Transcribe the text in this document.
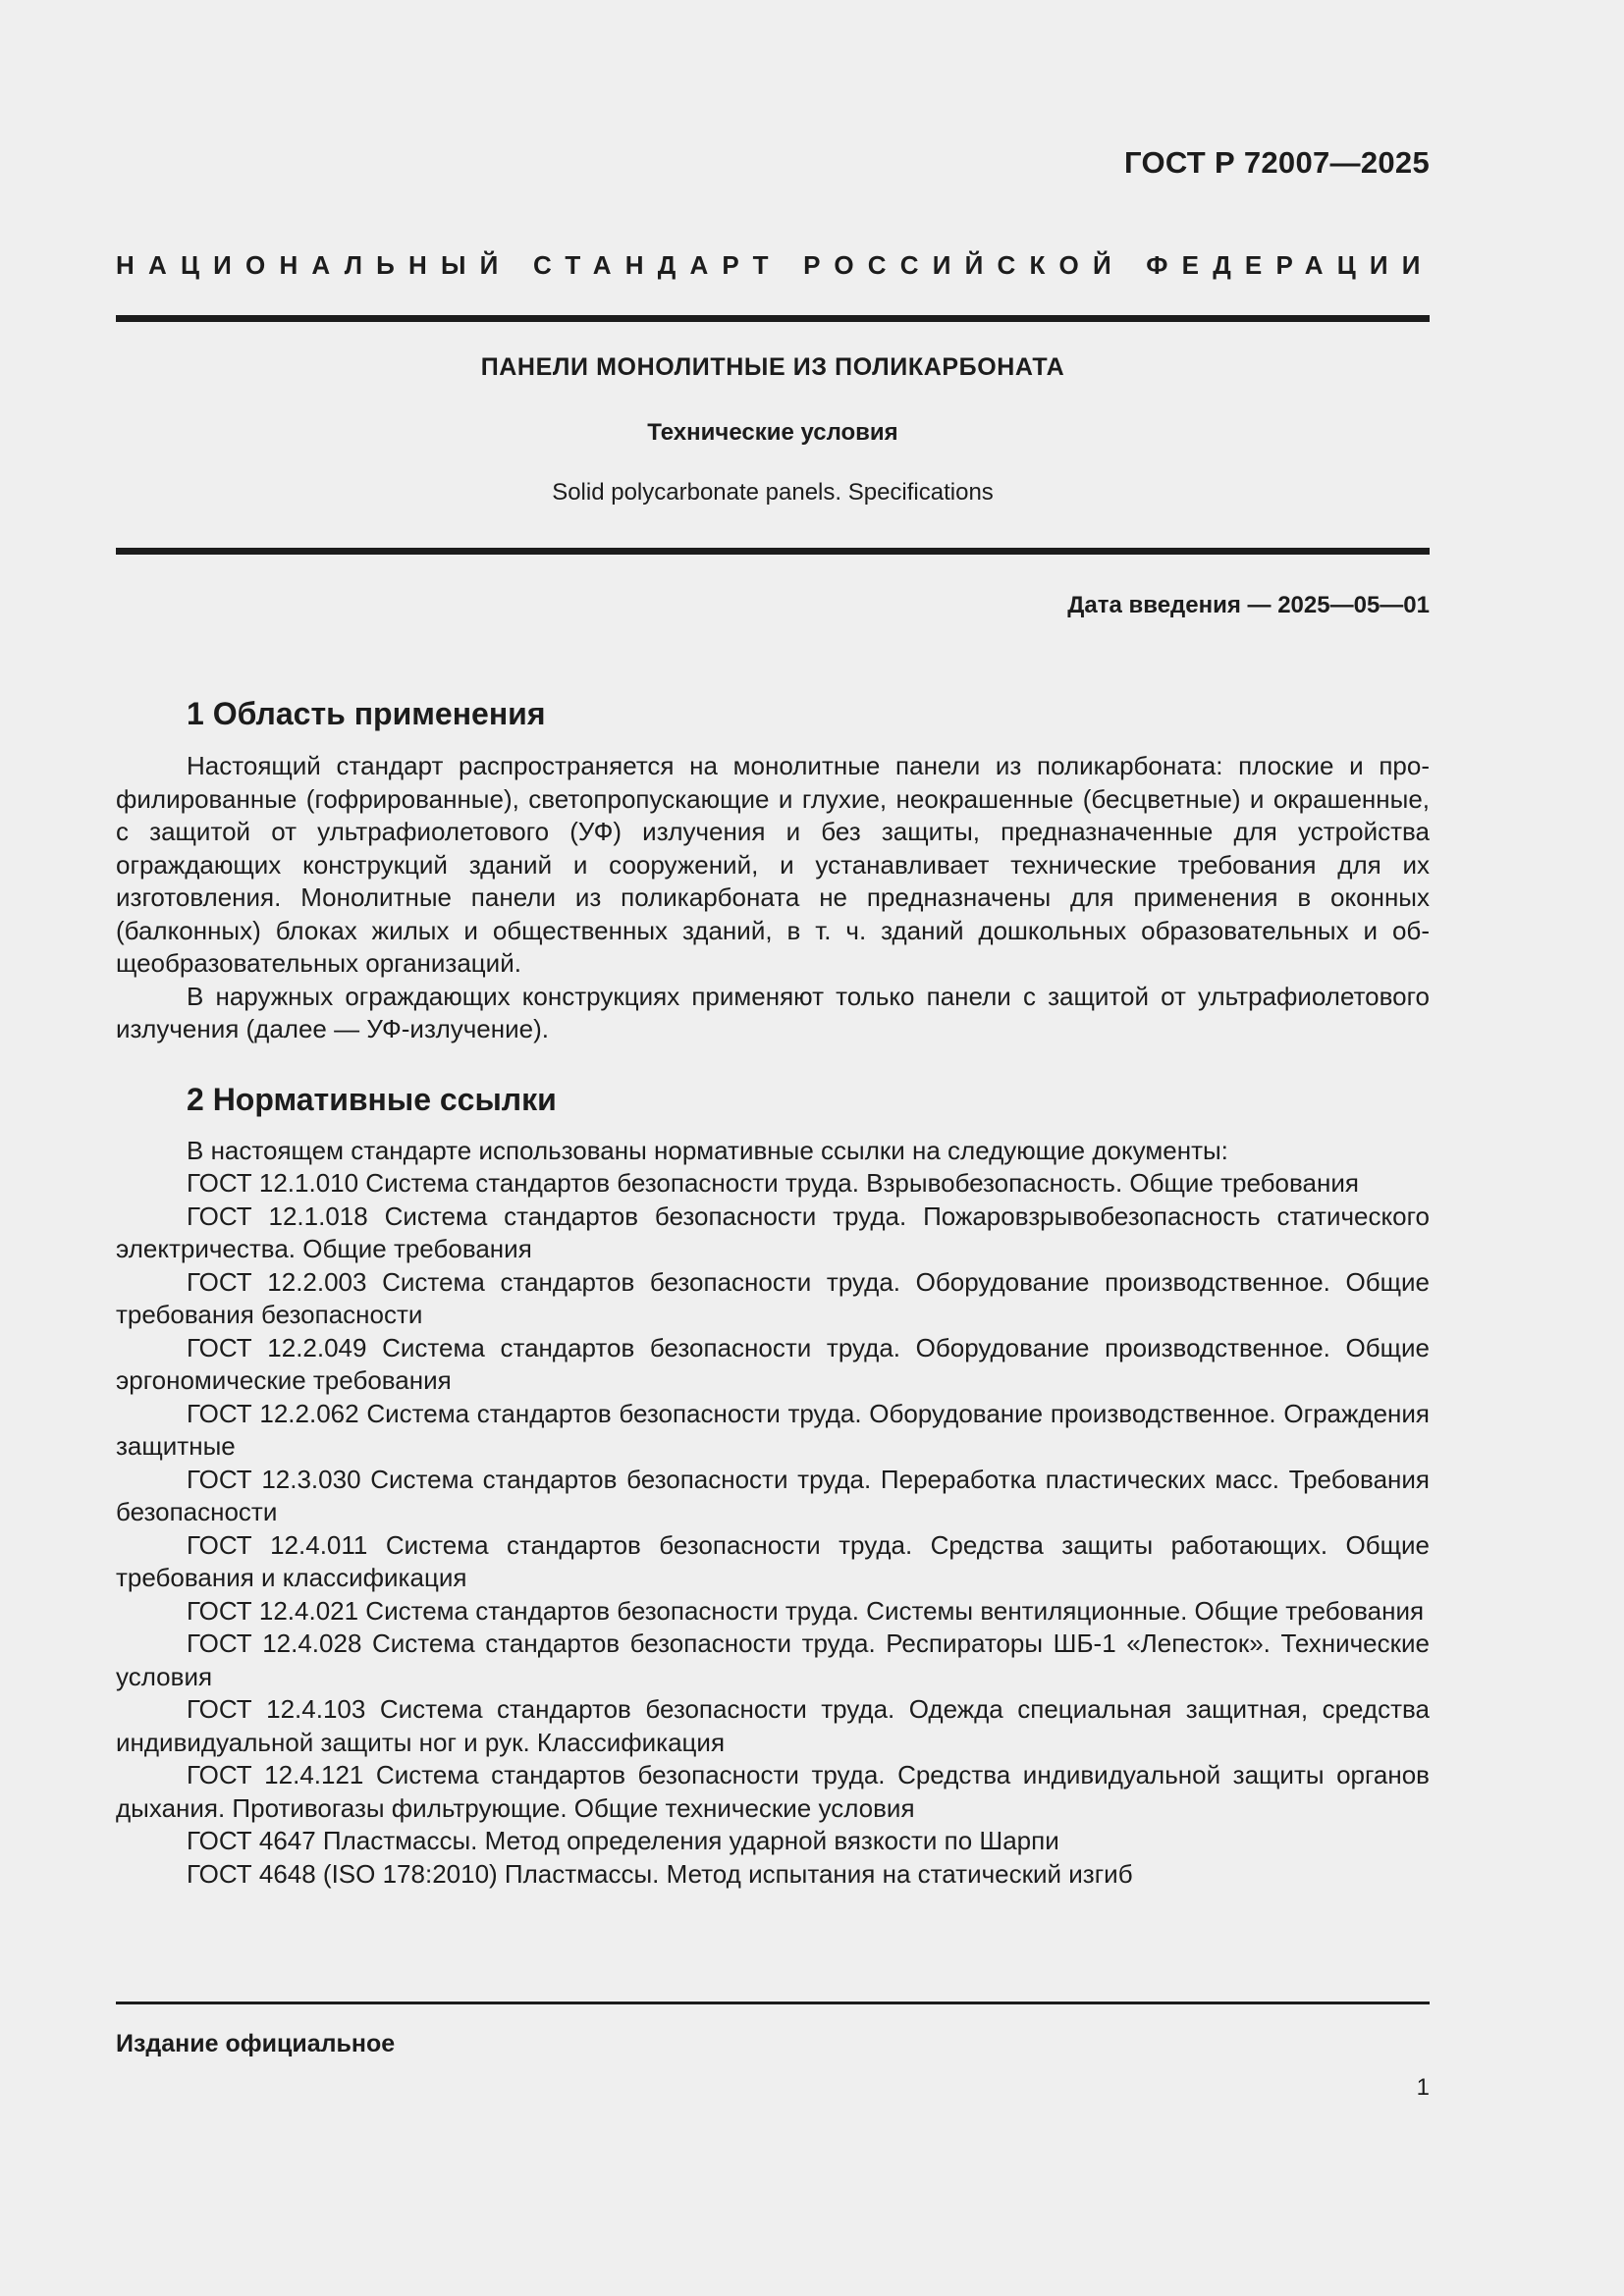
ГОСТ Р 72007—2025
НАЦИОНАЛЬНЫЙ СТАНДАРТ РОССИЙСКОЙ ФЕДЕРАЦИИ
ПАНЕЛИ МОНОЛИТНЫЕ ИЗ ПОЛИКАРБОНАТА
Технические условия
Solid polycarbonate panels. Specifications
Дата введения — 2025—05—01
1 Область применения

Настоящий стандарт распространяется на монолитные панели из поликарбоната: плоские и профилированные (гофрированные), светопропускающие и глухие, неокрашенные (бесцветные) и окрашенные, с защитой от ультрафиолетового (УФ) излучения и без защиты, предназначенные для устройства ограждающих конструкций зданий и сооружений, и устанавливает технические требования для их изготовления. Монолитные панели из поликарбоната не предназначены для применения в оконных (балконных) блоках жилых и общественных зданий, в т. ч. зданий дошкольных образовательных и общеобразовательных организаций.

В наружных ограждающих конструкциях применяют только панели с защитой от ультрафиолетового излучения (далее — УФ-излучение).

2 Нормативные ссылки

В настоящем стандарте использованы нормативные ссылки на следующие документы:

ГОСТ 12.1.010 Система стандартов безопасности труда. Взрывобезопасность. Общие требования

ГОСТ 12.1.018 Система стандартов безопасности труда. Пожаровзрывобезопасность статического электричества. Общие требования

ГОСТ 12.2.003 Система стандартов безопасности труда. Оборудование производственное. Общие требования безопасности

ГОСТ 12.2.049 Система стандартов безопасности труда. Оборудование производственное. Общие эргономические требования

ГОСТ 12.2.062 Система стандартов безопасности труда. Оборудование производственное. Ограждения защитные

ГОСТ 12.3.030 Система стандартов безопасности труда. Переработка пластических масс. Требования безопасности

ГОСТ 12.4.011 Система стандартов безопасности труда. Средства защиты работающих. Общие требования и классификация

ГОСТ 12.4.021 Система стандартов безопасности труда. Системы вентиляционные. Общие требования

ГОСТ 12.4.028 Система стандартов безопасности труда. Респираторы ШБ-1 «Лепесток». Технические условия

ГОСТ 12.4.103 Система стандартов безопасности труда. Одежда специальная защитная, средства индивидуальной защиты ног и рук. Классификация

ГОСТ 12.4.121 Система стандартов безопасности труда. Средства индивидуальной защиты органов дыхания. Противогазы фильтрующие. Общие технические условия

ГОСТ 4647 Пластмассы. Метод определения ударной вязкости по Шарпи

ГОСТ 4648 (ISO 178:2010) Пластмассы. Метод испытания на статический изгиб

Издание официальное
1
